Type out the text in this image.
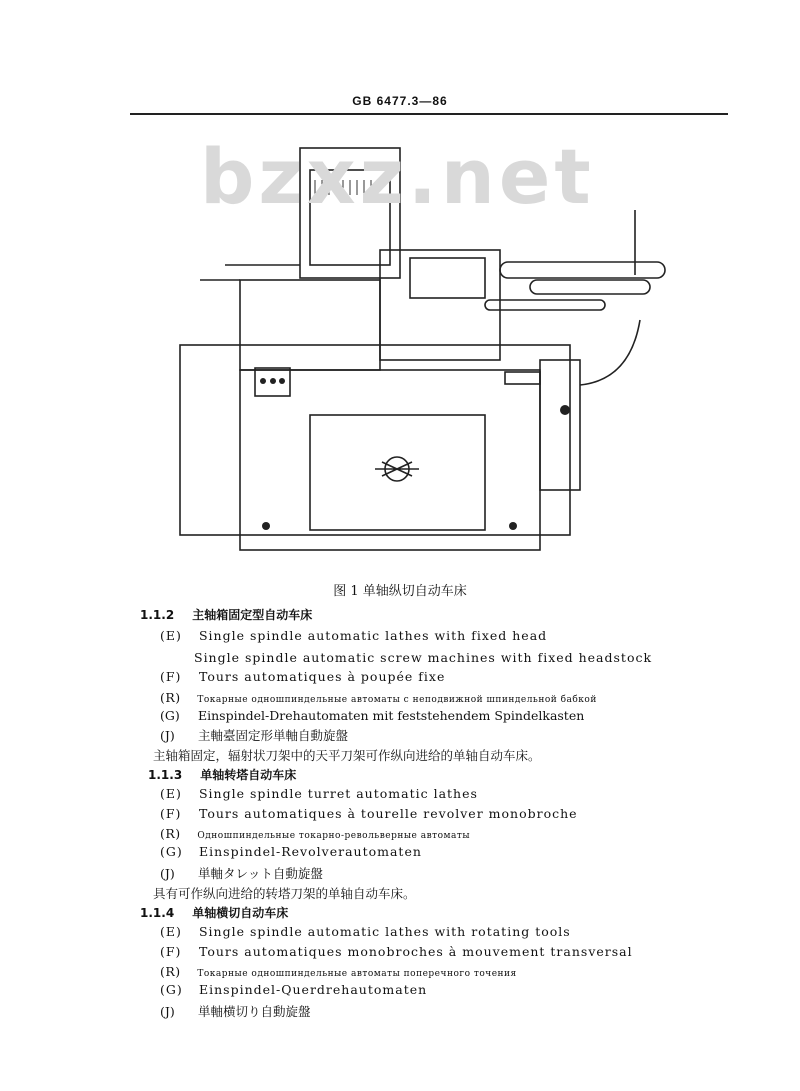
GB 6477.3—86
bzxz.net
图 1 单轴纵切自动车床
1.1.2 主轴箱固定型自动车床
(E) Single spindle automatic lathes with fixed head
Single spindle automatic screw machines with fixed headstock
(F) Tours automatiques à poupée fixe
(R) Токарные одношпиндельные автоматы с неподвижной шпиндельной бабкой
(G) Einspindel-Drehautomaten mit feststehendem Spindelkasten
(J) 主軸臺固定形単軸自動旋盤
主轴箱固定，辐射状刀架中的天平刀架可作纵向进给的单轴自动车床。
1.1.3 单轴转塔自动车床
(E) Single spindle turret automatic lathes
(F) Tours automatiques à tourelle revolver monobroche
(R) Одношпиндельные токарно-револьверные автоматы
(G) Einspindel-Revolverautomaten
(J) 単軸タレット自動旋盤
具有可作纵向进给的转塔刀架的单轴自动车床。
1.1.4 单轴横切自动车床
(E) Single spindle automatic lathes with rotating tools
(F) Tours automatiques monobroches à mouvement transversal
(R) Токарные одношпиндельные автоматы поперечного точения
(G) Einspindel-Querdrehautomaten
(J) 単軸横切り自動旋盤
